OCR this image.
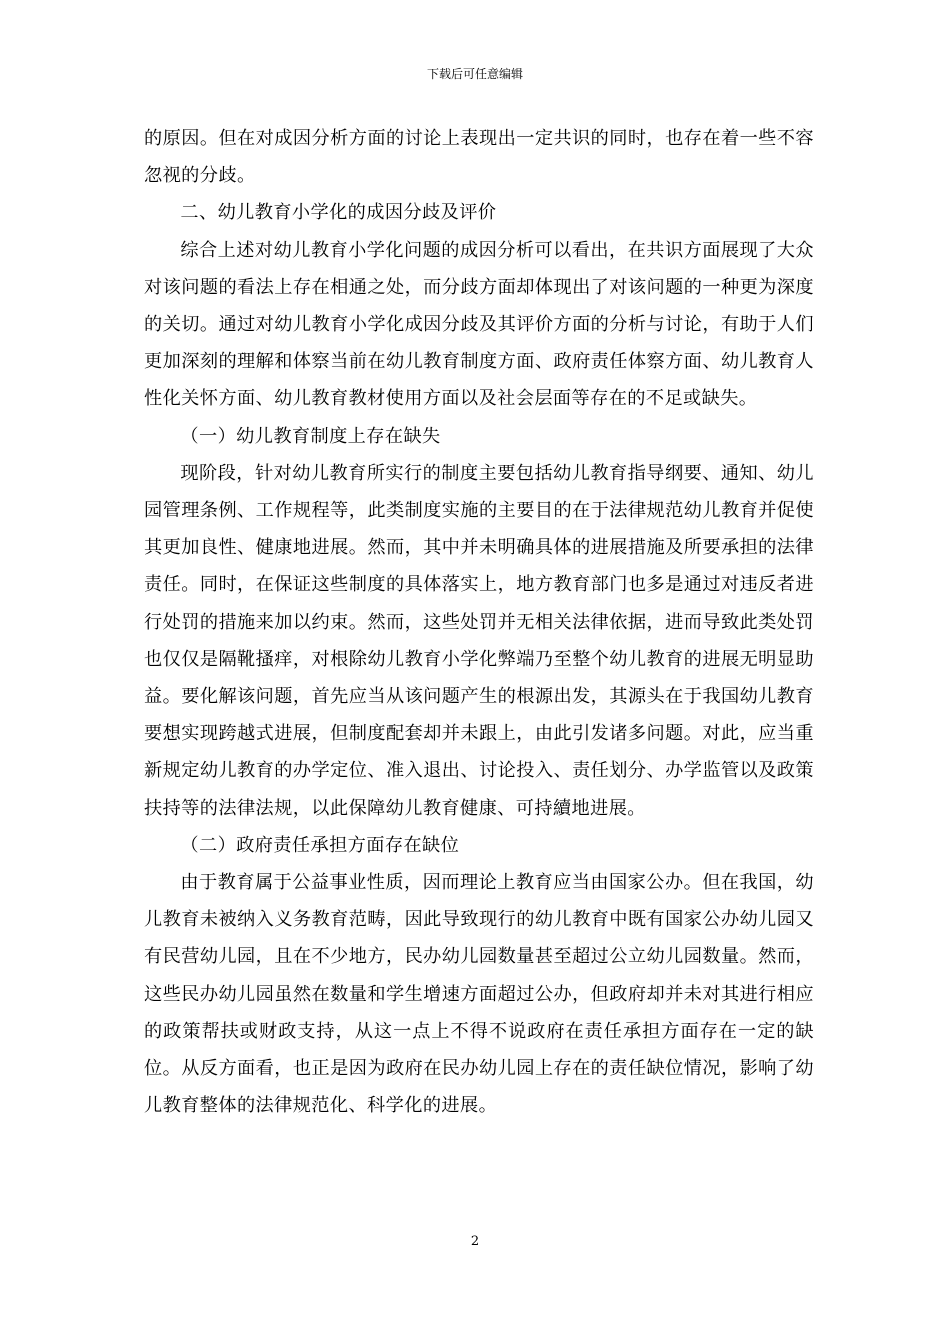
下载后可任意编辑

的原因。但在对成因分析方面的讨论上表现出一定共识的同时，也存在着一些不容忽视的分歧。

二、幼儿教育小学化的成因分歧及评价

综合上述对幼儿教育小学化问题的成因分析可以看出，在共识方面展现了大众对该问题的看法上存在相通之处，而分歧方面却体现出了对该问题的一种更为深度的关切。通过对幼儿教育小学化成因分歧及其评价方面的分析与讨论，有助于人们更加深刻的理解和体察当前在幼儿教育制度方面、政府责任体察方面、幼儿教育人性化关怀方面、幼儿教育教材使用方面以及社会层面等存在的不足或缺失。

（一）幼儿教育制度上存在缺失

现阶段，针对幼儿教育所实行的制度主要包括幼儿教育指导纲要、通知、幼儿园管理条例、工作规程等，此类制度实施的主要目的在于法律规范幼儿教育并促使其更加良性、健康地进展。然而，其中并未明确具体的进展措施及所要承担的法律责任。同时，在保证这些制度的具体落实上，地方教育部门也多是通过对违反者进行处罚的措施来加以约束。然而，这些处罚并无相关法律依据，进而导致此类处罚也仅仅是隔靴搔痒，对根除幼儿教育小学化弊端乃至整个幼儿教育的进展无明显助益。要化解该问题，首先应当从该问题产生的根源出发，其源头在于我国幼儿教育要想实现跨越式进展，但制度配套却并未跟上，由此引发诸多问题。对此，应当重新规定幼儿教育的办学定位、准入退出、讨论投入、责任划分、办学监管以及政策扶持等的法律法规，以此保障幼儿教育健康、可持續地进展。

（二）政府责任承担方面存在缺位

由于教育属于公益事业性质，因而理论上教育应当由国家公办。但在我国，幼儿教育未被纳入义务教育范畴，因此导致现行的幼儿教育中既有国家公办幼儿园又有民营幼儿园，且在不少地方，民办幼儿园数量甚至超过公立幼儿园数量。然而，这些民办幼儿园虽然在数量和学生增速方面超过公办，但政府却并未对其进行相应的政策帮扶或财政支持，从这一点上不得不说政府在责任承担方面存在一定的缺位。从反方面看，也正是因为政府在民办幼儿园上存在的责任缺位情况，影响了幼儿教育整体的法律规范化、科学化的进展。

2
